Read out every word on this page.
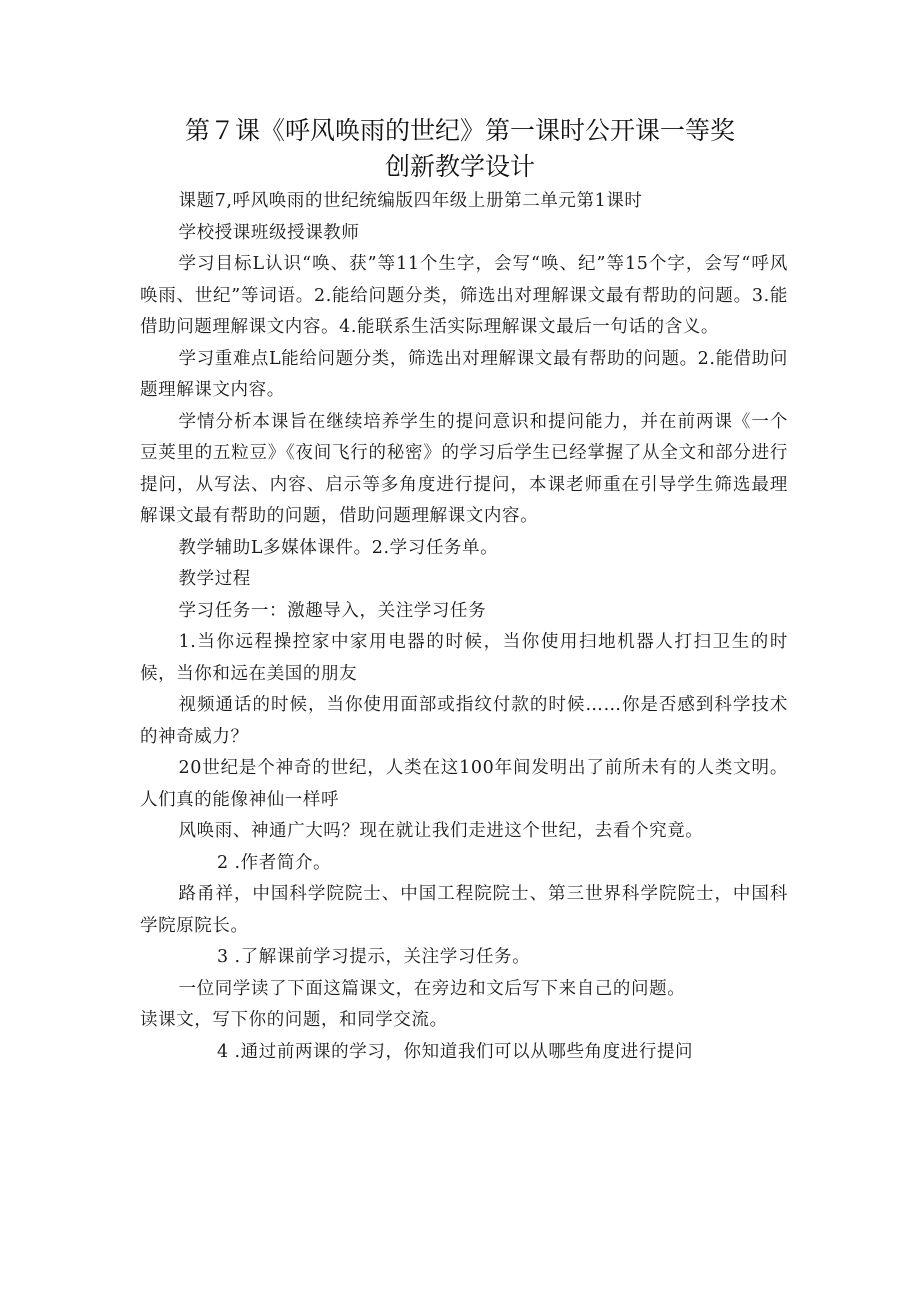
第７课《呼风唤雨的世纪》第一课时公开课一等奖
创新教学设计

课题7,呼风唤雨的世纪统编版四年级上册第二单元第1课时

学校授课班级授课教师

学习目标L认识“唤、获”等11个生字，会写“唤、纪”等15个字，会写“呼风唤雨、世纪”等词语。2.能给问题分类，筛选出对理解课文最有帮助的问题。3.能借助问题理解课文内容。4.能联系生活实际理解课文最后一句话的含义。

学习重难点L能给问题分类，筛选出对理解课文最有帮助的问题。2.能借助问题理解课文内容。

学情分析本课旨在继续培养学生的提问意识和提问能力，并在前两课《一个豆荚里的五粒豆》《夜间飞行的秘密》的学习后学生已经掌握了从全文和部分进行提问，从写法、内容、启示等多角度进行提问，本课老师重在引导学生筛选最理解课文最有帮助的问题，借助问题理解课文内容。

教学辅助L多媒体课件。2.学习任务单。

教学过程

学习任务一：激趣导入，关注学习任务

1.当你远程操控家中家用电器的时候，当你使用扫地机器人打扫卫生的时候，当你和远在美国的朋友

视频通话的时候，当你使用面部或指纹付款的时候……你是否感到科学技术的神奇威力？

20世纪是个神奇的世纪，人类在这100年间发明出了前所未有的人类文明。人们真的能像神仙一样呼

风唤雨、神通广大吗？现在就让我们走进这个世纪，去看个究竟。

2 .作者简介。

路甬祥，中国科学院院士、中国工程院院士、第三世界科学院院士，中国科学院原院长。

3 .了解课前学习提示，关注学习任务。

一位同学读了下面这篇课文，在旁边和文后写下来自己的问题。

读课文，写下你的问题，和同学交流。

4 .通过前两课的学习，你知道我们可以从哪些角度进行提问
